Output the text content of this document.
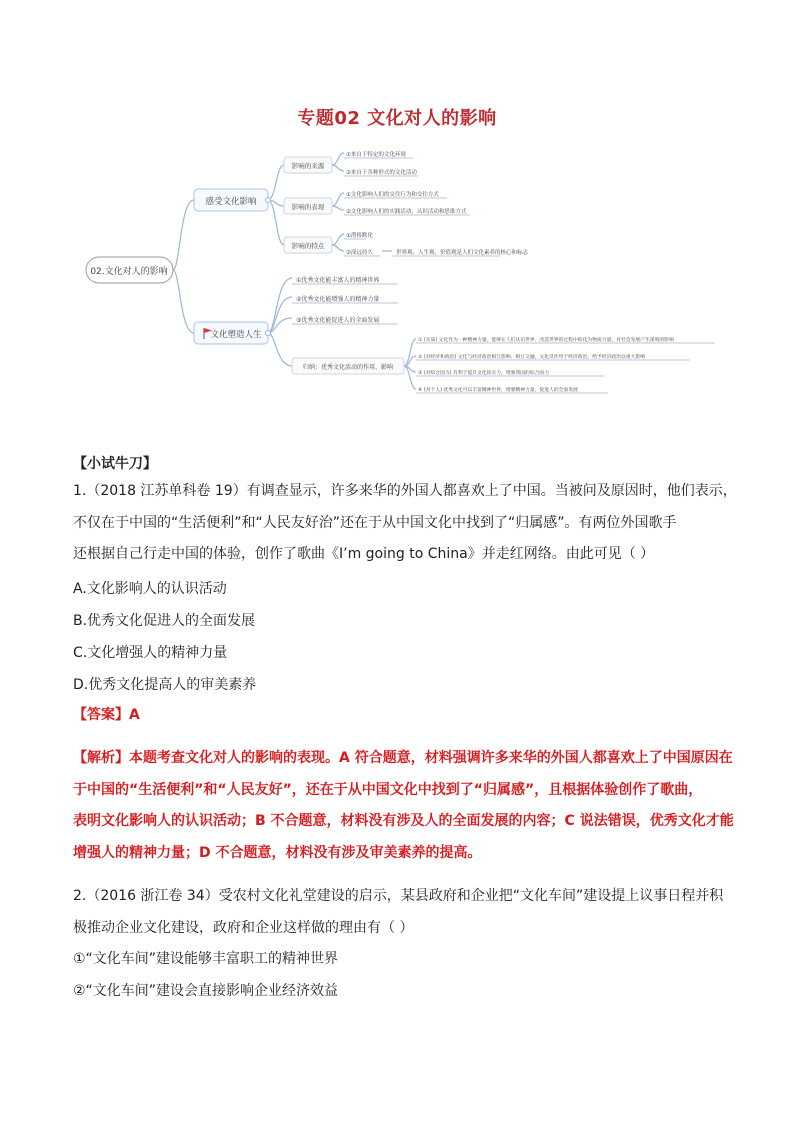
专题02 文化对人的影响
02.文化对人的影响
感受文化影响
文化塑造人生
影响的来源
影响的表现
影响的特点
①来自于特定的文化环境
②来自于各种形式的文化活动
①文化影响人们的交往行为和交往方式
②文化影响人们的实践活动、认识活动和思维方式
①潜移默化
②深远持久	世界观、人生观、价值观是人们文化素养的核心和标志
①优秀文化能丰富人的精神世界
②优秀文化能增强人的精神力量
③优秀文化能促进人的全面发展
归纳：优秀文化活动的作用、影响
① (实质) 文化作为一种精神力量，能够在人们认识世界、改造世界的过程中转化为物质力量，对社会发展产生深刻的影响
② (对经济和政治) 文化与经济政治相互影响、相互交融，文化反作用于经济政治，给予经济政治以重大影响
③ (对综合国力) 有利于提升文化软实力，增强我国的综合国力
④ (对个人) 优秀文化可以丰富精神世界，增强精神力量，促进人的全面发展
【小试牛刀】
1.（2018 江苏单科卷 19）有调查显示，许多来华的外国人都喜欢上了中国。当被问及原因时，他们表示，
不仅在于中国的“生活便利”和“人民友好治”还在于从中国文化中找到了“归属感”。有两位外国歌手
还根据自己行走中国的体验，创作了歌曲《I’m going to China》并走红网络。由此可见（ ）
A.文化影响人的认识活动
B.优秀文化促进人的全面发展
C.文化增强人的精神力量
D.优秀文化提高人的审美素养
【答案】A
【解析】本题考查文化对人的影响的表现。A 符合题意，材料强调许多来华的外国人都喜欢上了中国原因在
于中国的“生活便利”和“人民友好”，还在于从中国文化中找到了“归属感”，且根据体验创作了歌曲，
表明文化影响人的认识活动；B 不合题意，材料没有涉及人的全面发展的内容；C 说法错误，优秀文化才能
增强人的精神力量；D 不合题意，材料没有涉及审美素养的提高。
2.（2016 浙江卷 34）受农村文化礼堂建设的启示，某县政府和企业把“文化车间”建设提上议事日程并积
极推动企业文化建设，政府和企业这样做的理由有（ ）
①“文化车间”建设能够丰富职工的精神世界
②“文化车间”建设会直接影响企业经济效益
